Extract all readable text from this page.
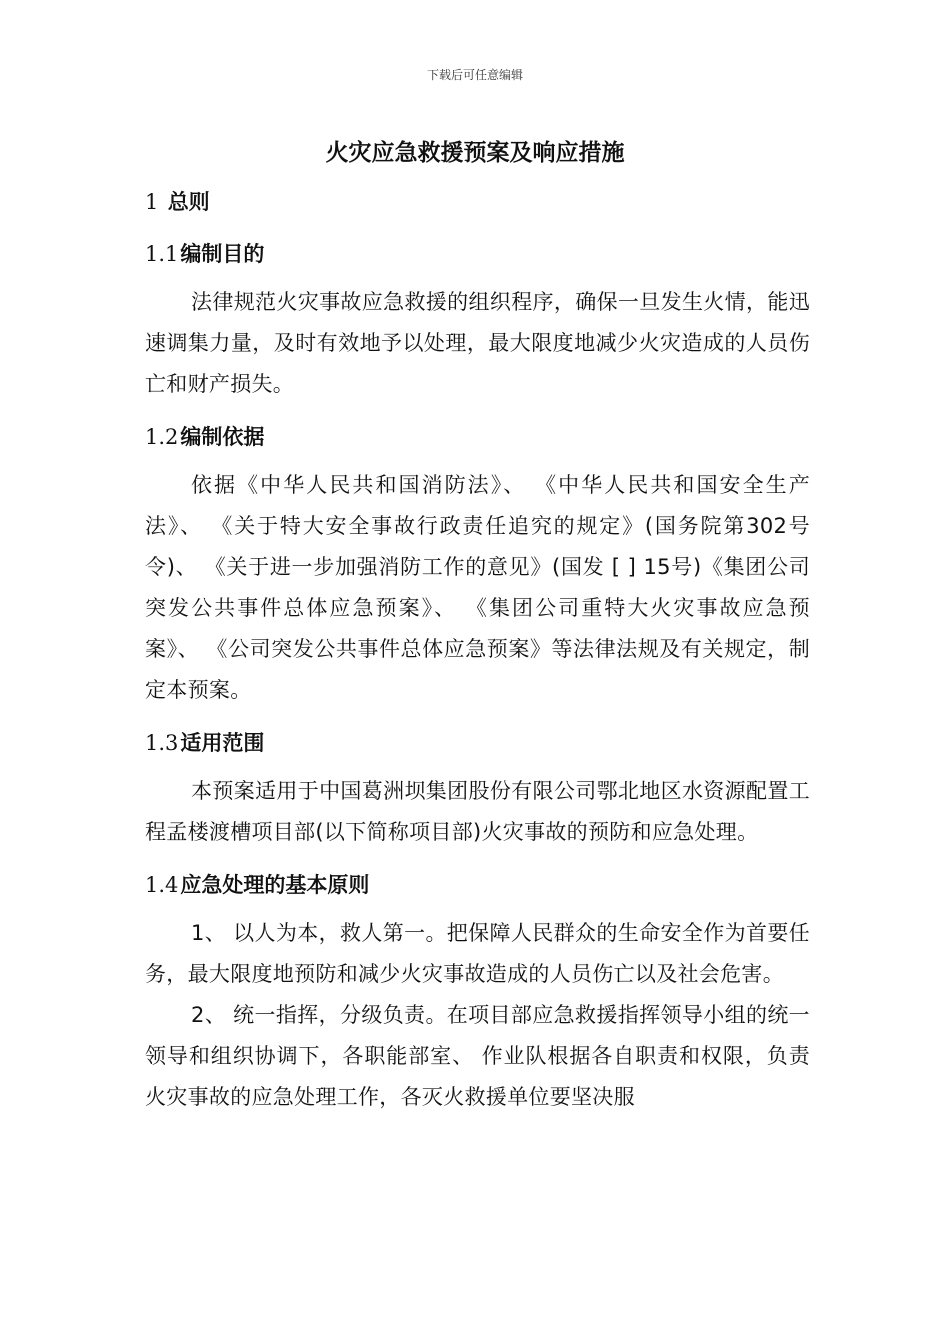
下载后可任意编辑
火灾应急救援预案及响应措施
1 总则
1.1编制目的

法律规范火灾事故应急救援的组织程序，确保一旦发生火情，能迅速调集力量，及时有效地予以处理，最大限度地减少火灾造成的人员伤亡和财产损失。

1.2编制依据

依据《中华人民共和国消防法》、 《中华人民共和国安全生产法》、 《关于特大安全事故行政责任追究的规定》(国务院第302号令)、 《关于进一步加强消防工作的意见》(国发 [ ] 15号)《集团公司突发公共事件总体应急预案》、 《集团公司重特大火灾事故应急预案》、 《公司突发公共事件总体应急预案》等法律法规及有关规定，制定本预案。

1.3适用范围

本预案适用于中国葛洲坝集团股份有限公司鄂北地区水资源配置工程孟楼渡槽项目部(以下简称项目部)火灾事故的预防和应急处理。

1.4应急处理的基本原则

1、 以人为本，救人第一。把保障人民群众的生命安全作为首要任务，最大限度地预防和减少火灾事故造成的人员伤亡以及社会危害。

2、 统一指挥，分级负责。在项目部应急救援指挥领导小组的统一领导和组织协调下，各职能部室、 作业队根据各自职责和权限，负责火灾事故的应急处理工作，各灭火救援单位要坚决服
